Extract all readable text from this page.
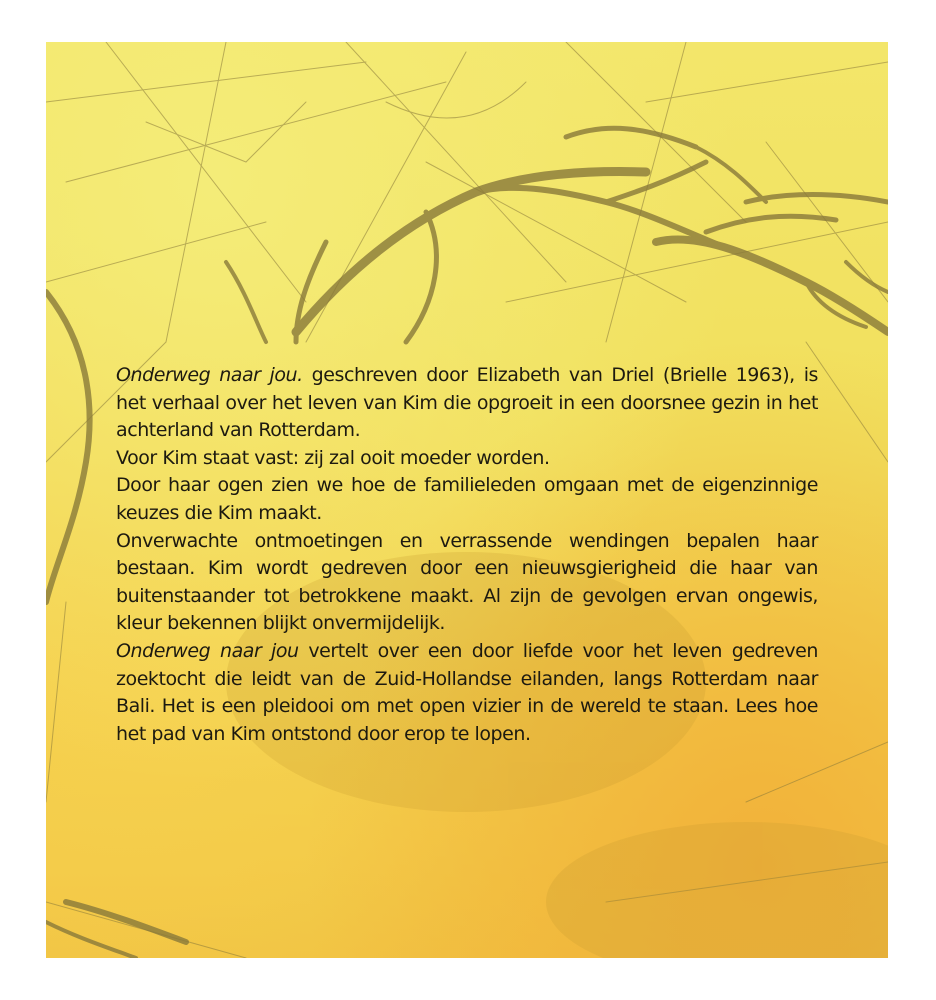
Onderweg naar jou. geschreven door Elizabeth van Driel (Brielle 1963), is het verhaal over het leven van Kim die opgroeit in een doorsnee gezin in het achterland van Rotterdam.

Voor Kim staat vast: zij zal ooit moeder worden.

Door haar ogen zien we hoe de familieleden omgaan met de eigenzinnige keuzes die Kim maakt.

Onverwachte ontmoetingen en verrassende wendingen bepalen haar bestaan. Kim wordt gedreven door een nieuwsgierigheid die haar van buitenstaander tot betrokkene maakt. Al zijn de gevolgen ervan ongewis, kleur bekennen blijkt onvermijdelijk.

Onderweg naar jou vertelt over een door liefde voor het leven gedreven zoektocht die leidt van de Zuid-Hollandse eilanden, langs Rotterdam naar Bali. Het is een pleidooi om met open vizier in de wereld te staan. Lees hoe het pad van Kim ontstond door erop te lopen.
